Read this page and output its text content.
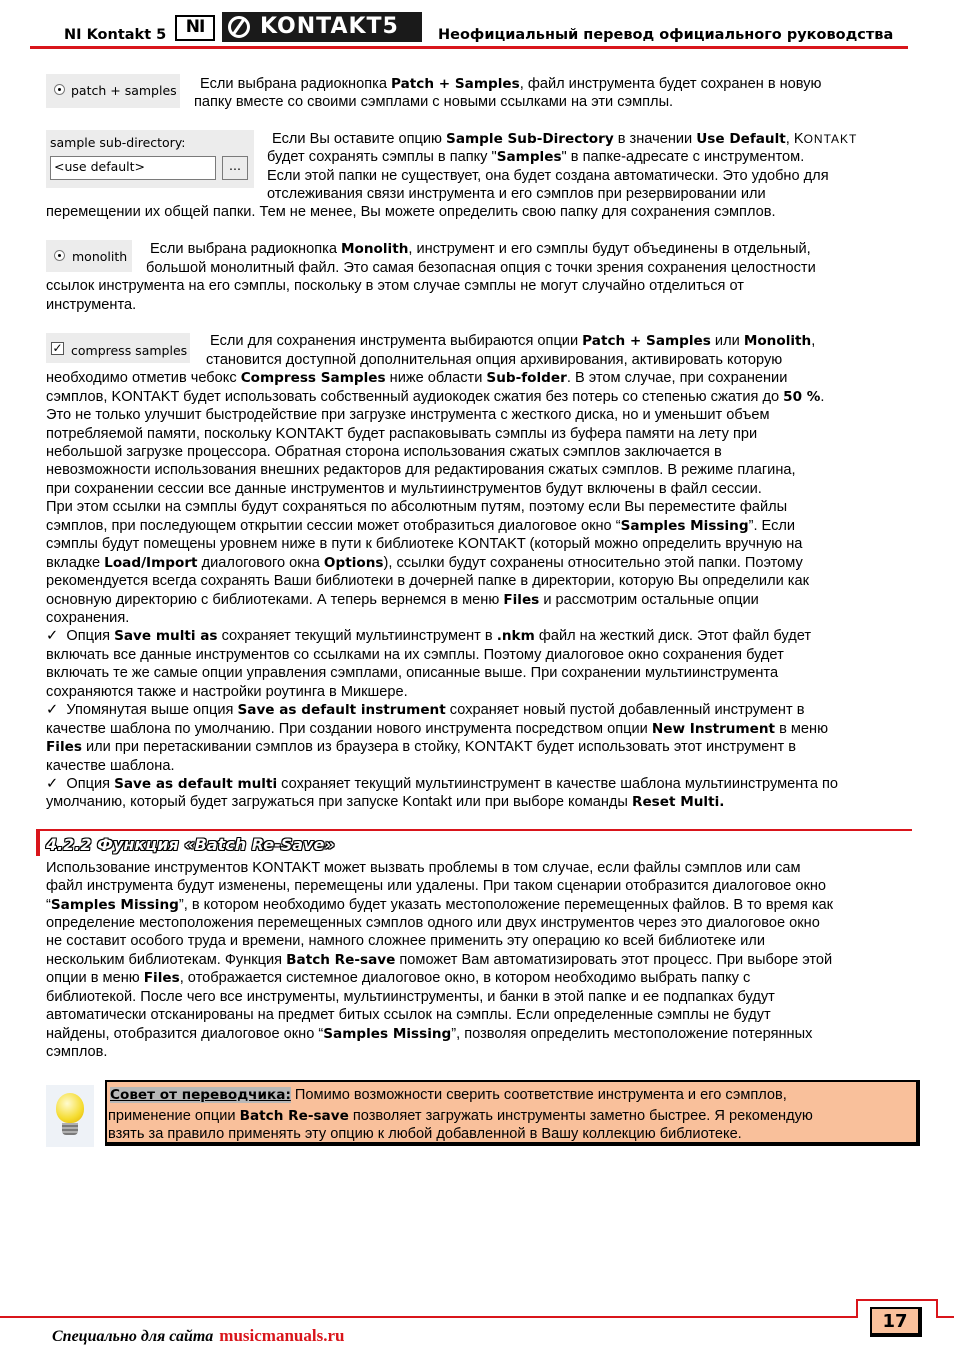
NI Kontakt 5	NI	KONTAKT5	Неофициальный перевод официального руководства
patch + samples Если выбрана радиокнопка Patch + Samples, файл инструмента будет сохранен в новую
папку вместе со своими сэмплами с новыми ссылками на эти сэмплы.
sample sub-directory:
<use default>	...
Если Вы оставите опцию Sample Sub-Directory в значении Use Default, KONTAKT
будет сохранять сэмплы в папку "Samples" в папке-адресате с инструментом.
Если этой папки не существует, она будет создана автоматически. Это удобно для
отслеживания связи инструмента и его сэмплов при резервировании или
перемещении их общей папки. Тем не менее, Вы можете определить свою папку для сохранения сэмплов.
monolith Если выбрана радиокнопка Monolith, инструмент и его сэмплы будут объединены в отдельный,
большой монолитный файл. Это самая безопасная опция с точки зрения сохранения целостности
ссылок инструмента на его сэмплы, поскольку в этом случае сэмплы не могут случайно отделиться от
инструмента.
✓ compress samples
Если для сохранения инструмента выбираются опции Patch + Samples или Monolith,
становится доступной дополнительная опция архивирования, активировать которую
необходимо отметив чебокс Compress Samples ниже области Sub-folder. В этом случае, при сохранении
сэмплов, KONTAKT будет использовать собственный аудиокодек сжатия без потерь со степенью сжатия до 50 %.
Это не только улучшит быстродействие при загрузке инструмента с жесткого диска, но и уменьшит объем
потребляемой памяти, поскольку KONTAKT будет распаковывать сэмплы из буфера памяти на лету при
небольшой загрузке процессора. Обратная сторона использования сжатых сэмплов заключается в
невозможности использования внешних редакторов для редактирования сжатых сэмплов. В режиме плагина,
при сохранении сессии все данные инструментов и мультиинструментов будут включены в файл сессии.
При этом ссылки на сэмплы будут сохраняться по абсолютным путям, поэтому если Вы переместите файлы
сэмплов, при последующем открытии сессии может отобразиться диалоговое окно “Samples Missing”. Если
сэмплы будут помещены уровнем ниже в пути к библиотеке KONTAKT (который можно определить вручную на
вкладке Load/Import диалогового окна Options), ссылки будут сохранены относительно этой папки. Поэтому
рекомендуется всегда сохранять Ваши библиотеки в дочерней папке в директории, которую Вы определили как
основную директорию с библиотеками. А теперь вернемся в меню Files и рассмотрим остальные опции
сохранения.
✓  Опция Save multi as сохраняет текущий мультиинструмент в .nkm файл на жесткий диск. Этот файл будет
включать все данные инструментов со ссылками на их сэмплы. Поэтому диалоговое окно сохранения будет
включать те же самые опции управления сэмплами, описанные выше. При сохранении мультиинструмента
сохраняются также и настройки роутинга в Микшере.
✓  Упомянутая выше опция Save as default instrument сохраняет новый пустой добавленный инструмент в
качестве шаблона по умолчанию. При создании нового инструмента посредством опции New Instrument в меню
Files или при перетаскивании сэмплов из браузера в стойку, KONTAKT будет использовать этот инструмент в
качестве шаблона.
✓  Опция Save as default multi сохраняет текущий мультиинструмент в качестве шаблона мультиинструмента по
умолчанию, который будет загружаться при запуске Kontakt или при выборе команды Reset Multi.
4.2.2 Функция «Batch Re-Save»
Использование инструментов KONTAKT может вызвать проблемы в том случае, если файлы сэмплов или сам
файл инструмента будут изменены, перемещены или удалены. При таком сценарии отобразится диалоговое окно
“Samples Missing”, в котором необходимо будет указать местоположение перемещенных файлов. В то время как
определение местоположения перемещенных сэмплов одного или двух инструментов через это диалоговое окно
не составит особого труда и времени, намного сложнее применить эту операцию ко всей библиотеке или
нескольким библиотекам. Функция Batch Re-save поможет Вам автоматизировать этот процесс. При выборе этой
опции в меню Files, отображается системное диалоговое окно, в котором необходимо выбрать папку с
библиотекой. После чего все инструменты, мультиинструменты, и банки в этой папке и ее подпапках будут
автоматически отсканированы на предмет битых ссылок на сэмплы. Если определенные сэмплы не будут
найдены, отобразится диалоговое окно “Samples Missing”, позволяя определить местоположение потерянных
сэмплов.
Совет от переводчика: Помимо возможности сверить соответствие инструмента и его сэмплов,
применение опции Batch Re-save позволяет загружать инструменты заметно быстрее. Я рекомендую
взять за правило применять эту опцию к любой добавленной в Вашу коллекцию библиотеке.
17
Специально для сайта musicmanuals.ru
